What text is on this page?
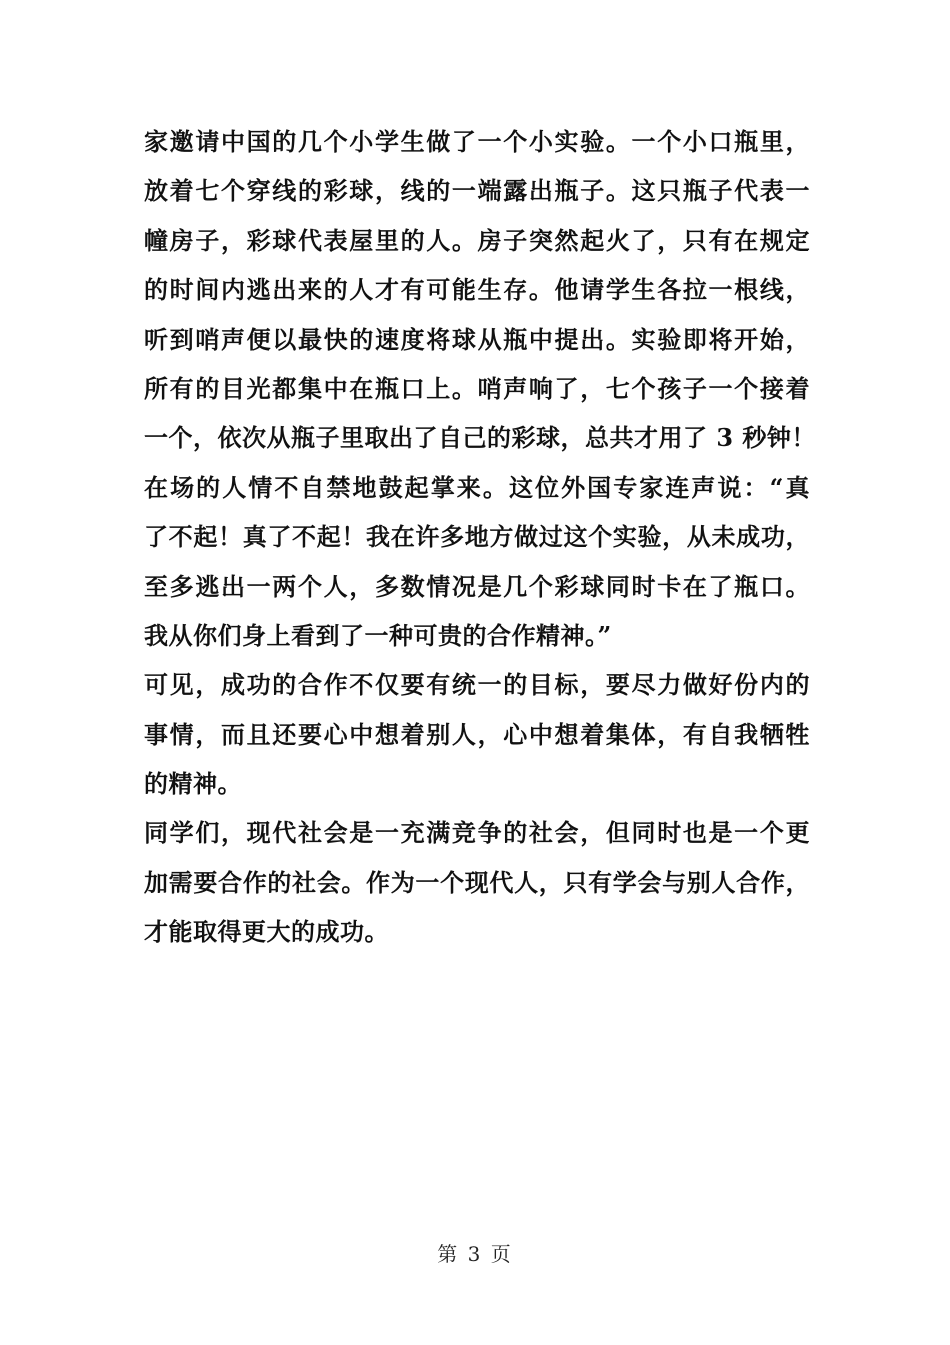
家邀请中国的几个小学生做了一个小实验。一个小口瓶里，
放着七个穿线的彩球，线的一端露出瓶子。这只瓶子代表一
幢房子，彩球代表屋里的人。房子突然起火了，只有在规定
的时间内逃出来的人才有可能生存。他请学生各拉一根线，
听到哨声便以最快的速度将球从瓶中提出。实验即将开始，
所有的目光都集中在瓶口上。哨声响了，七个孩子一个接着
一个，依次从瓶子里取出了自己的彩球，总共才用了 3 秒钟！
在场的人情不自禁地鼓起掌来。这位外国专家连声说：“真
了不起！真了不起！我在许多地方做过这个实验，从未成功，
至多逃出一两个人，多数情况是几个彩球同时卡在了瓶口。
我从你们身上看到了一种可贵的合作精神。”
可见，成功的合作不仅要有统一的目标，要尽力做好份内的
事情，而且还要心中想着别人，心中想着集体，有自我牺牲
的精神。
同学们，现代社会是一充满竞争的社会，但同时也是一个更
加需要合作的社会。作为一个现代人，只有学会与别人合作，
才能取得更大的成功。
第 3 页
